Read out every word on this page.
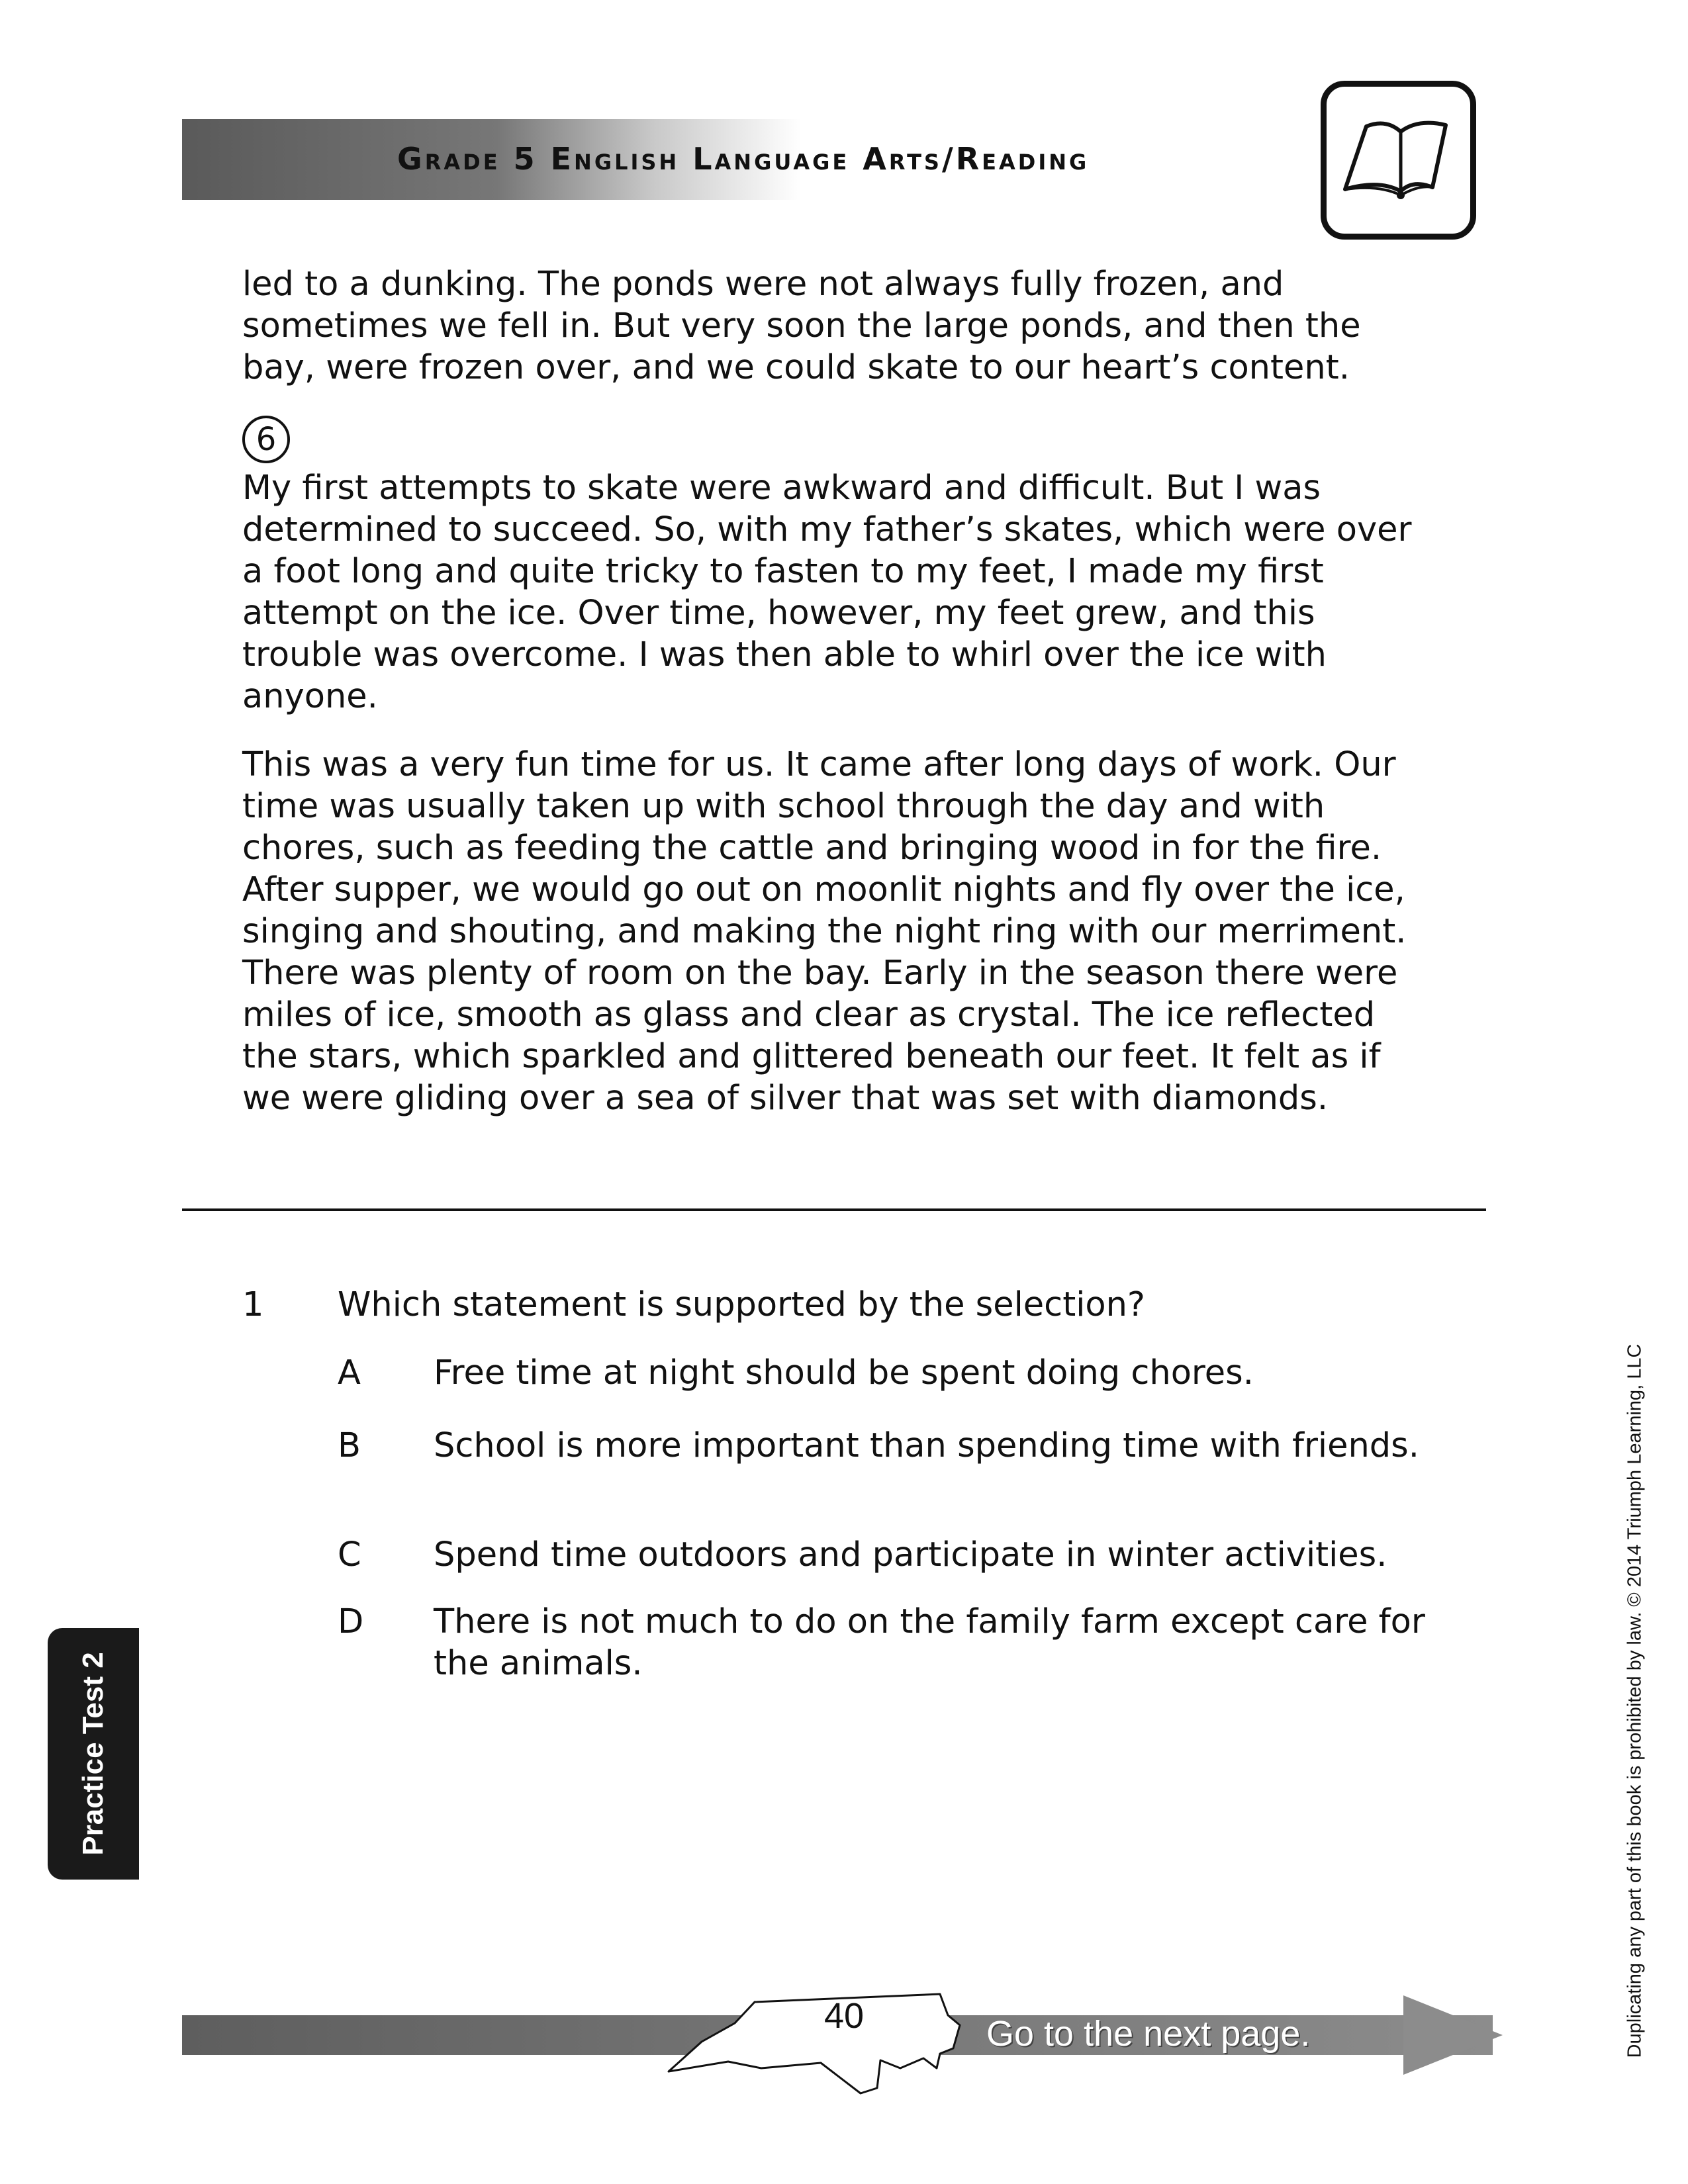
Grade 5 English Language Arts/Reading

led to a dunking. The ponds were not always fully frozen, and sometimes we fell in. But very soon the large ponds, and then the bay, were frozen over, and we could skate to our heart’s content.

6

My first attempts to skate were awkward and difficult. But I was determined to succeed. So, with my father’s skates, which were over a foot long and quite tricky to fasten to my feet, I made my first attempt on the ice. Over time, however, my feet grew, and this trouble was overcome. I was then able to whirl over the ice with anyone.

This was a very fun time for us. It came after long days of work. Our time was usually taken up with school through the day and with chores, such as feeding the cattle and bringing wood in for the fire. After supper, we would go out on moonlit nights and fly over the ice, singing and shouting, and making the night ring with our merriment. There was plenty of room on the bay. Early in the season there were miles of ice, smooth as glass and clear as crystal. The ice reflected the stars, which sparkled and glittered beneath our feet. It felt as if we were gliding over a sea of silver that was set with diamonds.

1 Which statement is supported by the selection?
A Free time at night should be spent doing chores.
B School is more important than spending time with friends.
C Spend time outdoors and participate in winter activities.
D There is not much to do on the family farm except care for the animals.
Practice Test 2	Duplicating any part of this book is prohibited by law. © 2014 Triumph Learning, LLC
40	Go to the next page.
